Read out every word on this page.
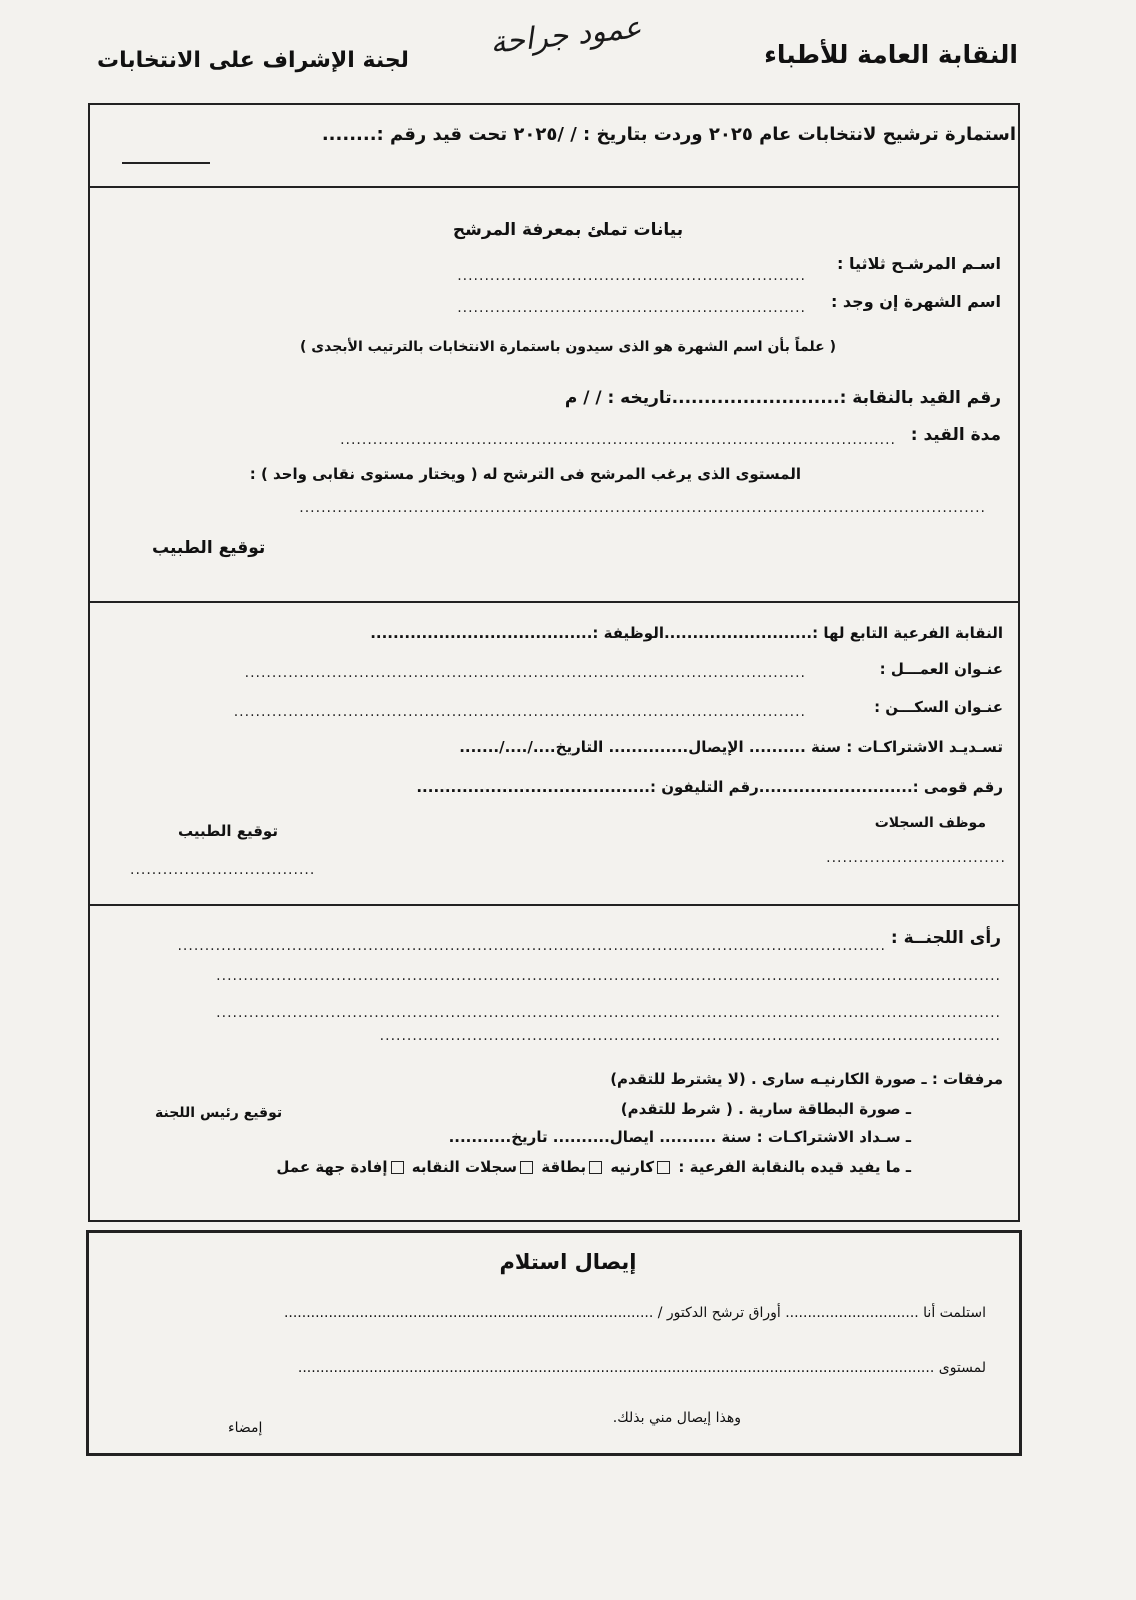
النقابة العامة للأطباء
لجنة الإشراف على الانتخابات	عمود جراحة
استمارة ترشيح لانتخابات عام ٢٠٢٥ وردت بتاريخ : / /٢٠٢٥ تحت قيد رقم :........
بيانات تملئ بمعرفة المرشح
اسـم المرشـح ثلاثيا :
................................................................
اسم الشهرة إن وجد :
................................................................
( علماً بأن اسم الشهرة هو الذى سيدون باستمارة الانتخابات بالترتيب الأبجدى )
رقم القيد بالنقابة :..........................تاريخه : / / م
مدة القيد :
......................................................................................................
المستوى الذى يرغب المرشح فى الترشح له ( ويختار مستوى نقابى واحد ) :
..............................................................................................................................
توقيع الطبيب
النقابة الفرعية التابع لها :..........................الوظيفة :.......................................
عنـوان العمـــل :
.......................................................................................................
عنـوان السكـــن :
.........................................................................................................
تسـديـد الاشتراكـات : سنة .......... الإيصال.............. التاريخ..../..../.......
رقم قومى :...........................رقم التليفون :.........................................
موظف السجلات
.................................
توقيع الطبيب
..................................
رأى اللجنــة :
..................................................................................................................................
................................................................................................................................................
................................................................................................................................................
..................................................................................................................
مرفقات : ـ صورة الكارنيـه سارى . (لا يشترط للتقدم)
ـ صورة البطاقة سارية . ( شرط للتقدم)
ـ سـداد الاشتراكـات : سنة .......... ايصال.......... تاريخ...........
ـ ما يفيد قيده بالنقابة الفرعية : كارنيه بطاقة سجلات النقابه إفادة جهة عمل
توقيع رئيس اللجنة
إيصال استلام
استلمت أنا .............................. أوراق ترشح الدكتور / ...................................................................................
لمستوى ...............................................................................................................................................
وهذا إيصال مني بذلك.
إمضاء
